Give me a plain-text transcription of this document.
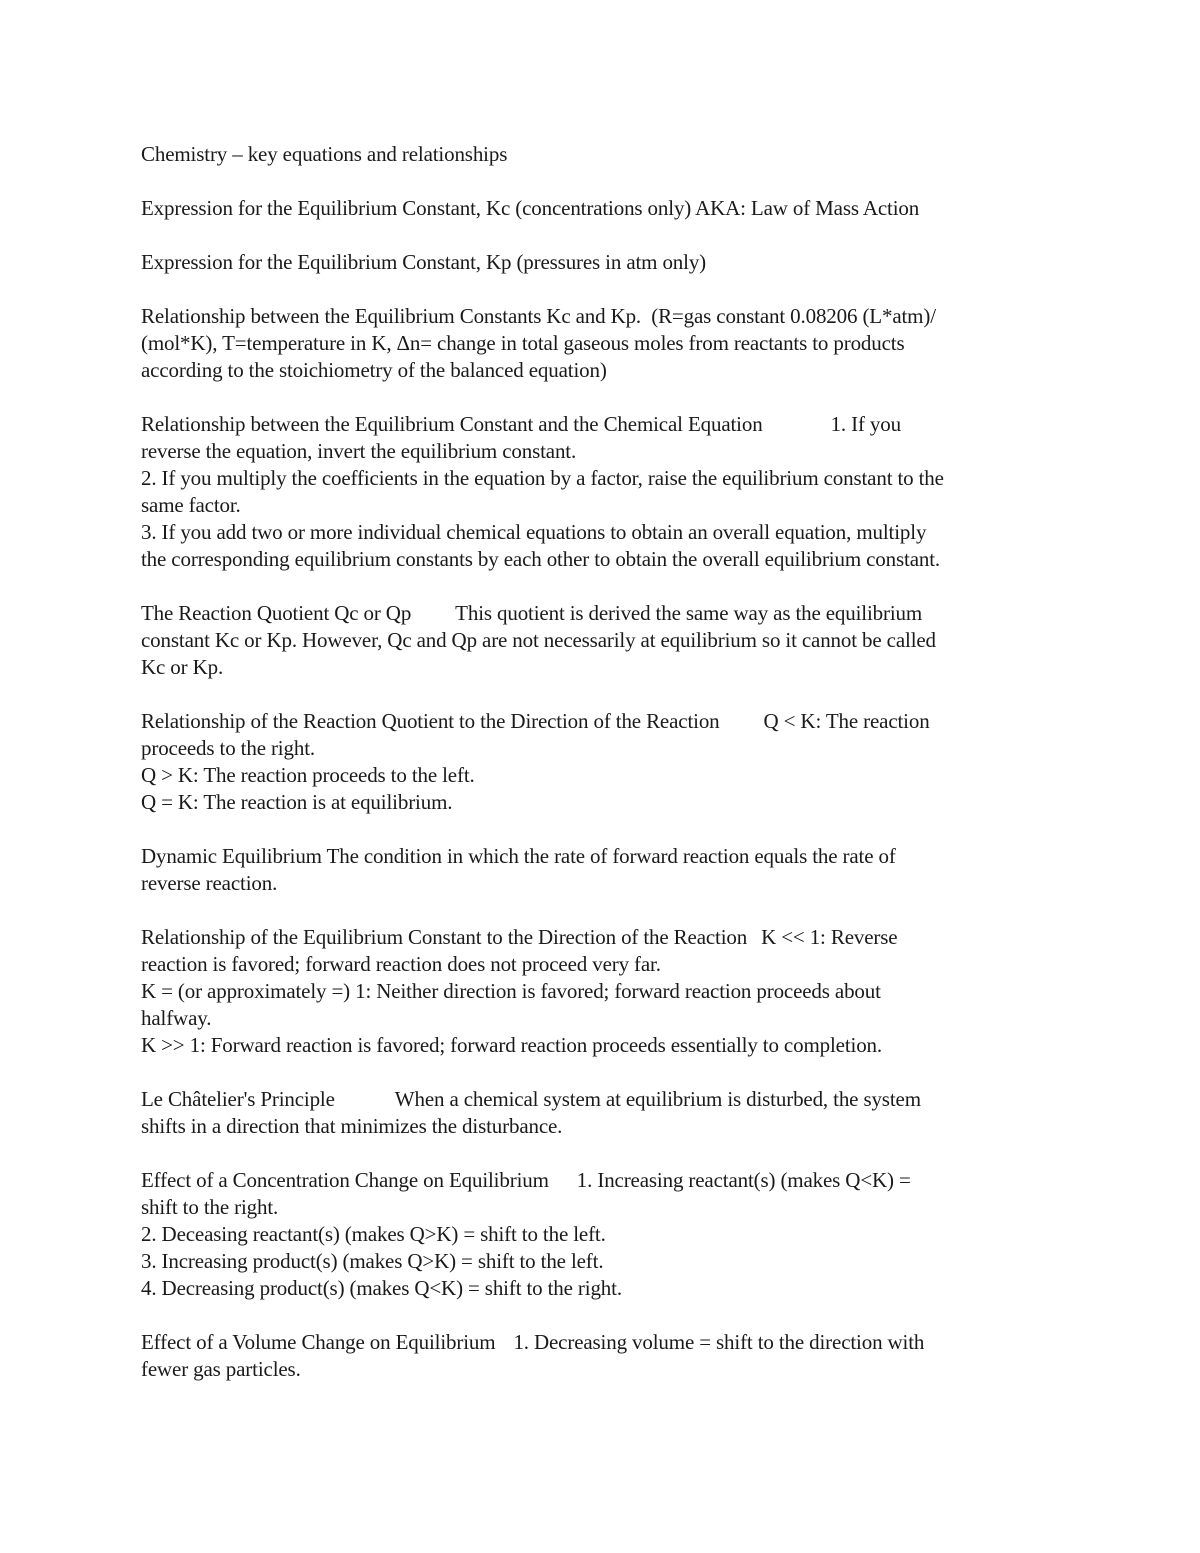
Chemistry – key equations and relationships

Expression for the Equilibrium Constant, Kc (concentrations only) AKA: Law of Mass Action

Expression for the Equilibrium Constant, Kp (pressures in atm only)

Relationship between the Equilibrium Constants Kc and Kp.  (R=gas constant 0.08206 (L*atm)/
(mol*K), T=temperature in K, Δn= change in total gaseous moles from reactants to products
according to the stoichiometry of the balanced equation)

Relationship between the Equilibrium Constant and the Chemical Equation	1. If you
reverse the equation, invert the equilibrium constant.
2. If you multiply the coefficients in the equation by a factor, raise the equilibrium constant to the
same factor.
3. If you add two or more individual chemical equations to obtain an overall equation, multiply
the corresponding equilibrium constants by each other to obtain the overall equilibrium constant.

The Reaction Quotient Qc or Qp This quotient is derived the same way as the equilibrium
constant Kc or Kp. However, Qc and Qp are not necessarily at equilibrium so it cannot be called
Kc or Kp.

Relationship of the Reaction Quotient to the Direction of the Reaction Q < K: The reaction
proceeds to the right.
Q > K: The reaction proceeds to the left.
Q = K: The reaction is at equilibrium.

Dynamic Equilibrium The condition in which the rate of forward reaction equals the rate of
reverse reaction.

Relationship of the Equilibrium Constant to the Direction of the Reaction K << 1: Reverse
reaction is favored; forward reaction does not proceed very far.
K = (or approximately =) 1: Neither direction is favored; forward reaction proceeds about
halfway.
K >> 1: Forward reaction is favored; forward reaction proceeds essentially to completion.

Le Châtelier's Principle	When a chemical system at equilibrium is disturbed, the system
shifts in a direction that minimizes the disturbance.

Effect of a Concentration Change on Equilibrium 1. Increasing reactant(s) (makes Q<K) =
shift to the right.
2. Deceasing reactant(s) (makes Q>K) = shift to the left.
3. Increasing product(s) (makes Q>K) = shift to the left.
4. Decreasing product(s) (makes Q<K) = shift to the right.

Effect of a Volume Change on Equilibrium 1. Decreasing volume = shift to the direction with
fewer gas particles.
